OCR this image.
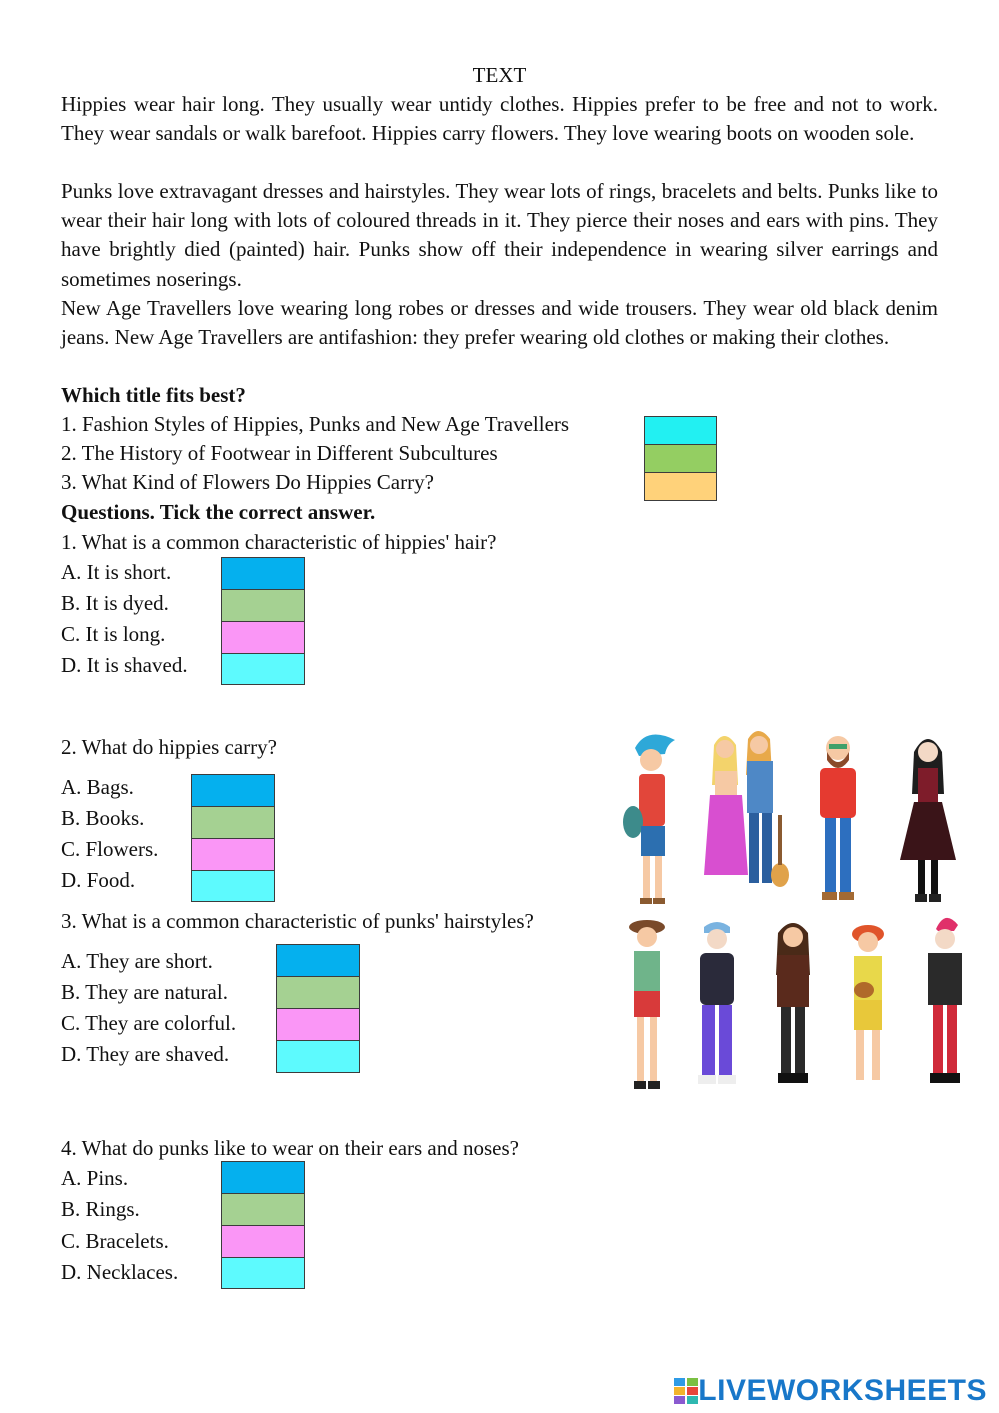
TEXT

Hippies wear hair long. They usually wear untidy clothes. Hippies prefer to be free and not to work. They wear sandals or walk barefoot. Hippies carry flowers. They love wearing boots on wooden sole.

Punks love extravagant dresses and hairstyles. They wear lots of rings, bracelets and belts. Punks like to wear their hair long with lots of coloured threads in it. They pierce their noses and ears with pins. They have brightly died (painted) hair. Punks show off their independence in wearing silver earrings and sometimes noserings.

New Age Travellers love wearing long robes or dresses and wide trousers. They wear old black denim jeans. New Age Travellers are antifashion: they prefer wearing old clothes or making their clothes.

Which title fits best?
1. Fashion Styles of Hippies, Punks and New Age Travellers
2. The History of Footwear in Different Subcultures
3. What Kind of Flowers Do Hippies Carry?
Questions. Tick the correct answer.
1. What is a common characteristic of hippies' hair?
A. It is short.
B. It is dyed.
C. It is long.
D. It is shaved.
2. What do hippies carry?
A. Bags.
B. Books.
C. Flowers.
D. Food.
3. What is a common characteristic of punks' hairstyles?
A. They are short.
B. They are natural.
C. They are colorful.
D. They are shaved.
4. What do punks like to wear on their ears and noses?
A. Pins.
B. Rings.
C. Bracelets.
D. Necklaces.
LIVEWORKSHEETS
